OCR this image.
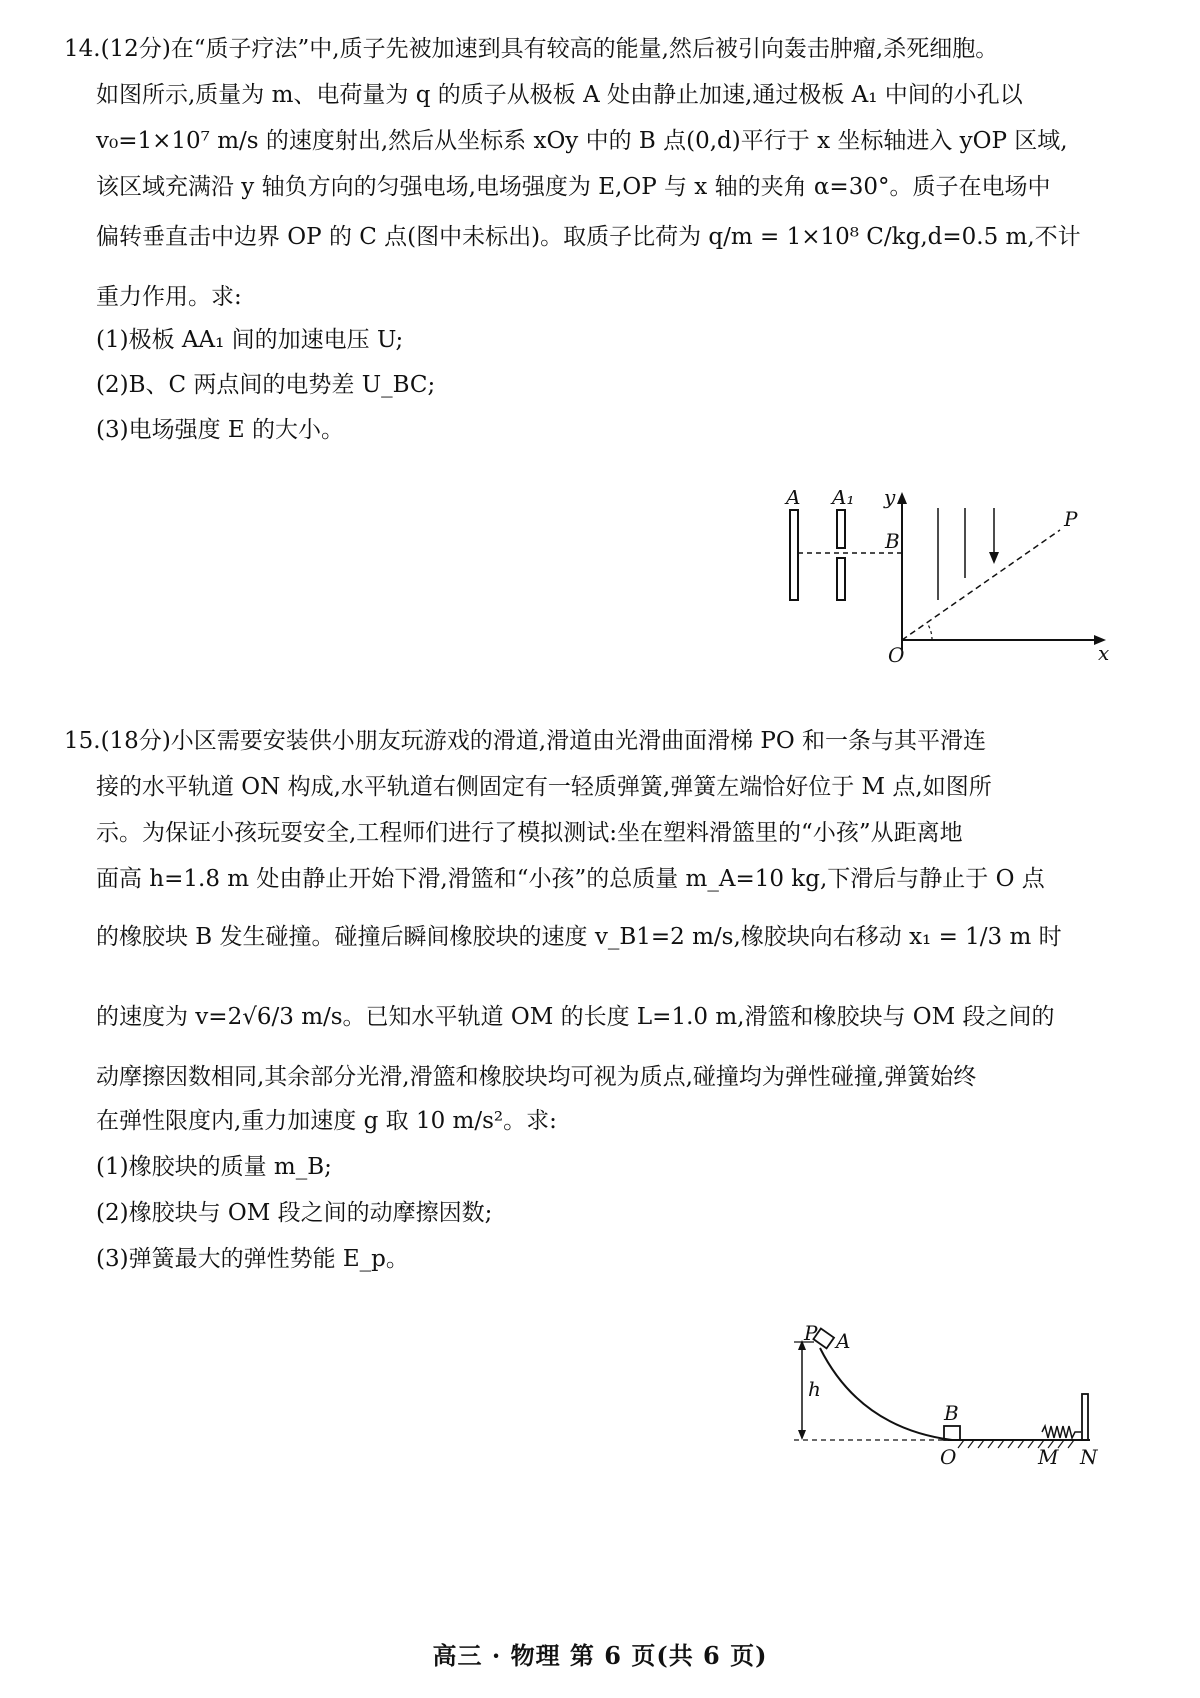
14.(12分)在“质子疗法”中,质子先被加速到具有较高的能量,然后被引向轰击肿瘤,杀死细胞。
如图所示,质量为 m、电荷量为 q 的质子从极板 A 处由静止加速,通过极板 A₁ 中间的小孔以
v₀=1×10⁷ m/s 的速度射出,然后从坐标系 xOy 中的 B 点(0,d)平行于 x 坐标轴进入 yOP 区域,
该区域充满沿 y 轴负方向的匀强电场,电场强度为 E,OP 与 x 轴的夹角 α=30°。质子在电场中
偏转垂直击中边界 OP 的 C 点(图中未标出)。取质子比荷为 q/m = 1×10⁸ C/kg,d=0.5 m,不计
重力作用。求:
(1)极板 AA₁ 间的加速电压 U;
(2)B、C 两点间的电势差 U_BC;
(3)电场强度 E 的大小。
A A₁ y
B
P
O	x
15.(18分)小区需要安装供小朋友玩游戏的滑道,滑道由光滑曲面滑梯 PO 和一条与其平滑连
接的水平轨道 ON 构成,水平轨道右侧固定有一轻质弹簧,弹簧左端恰好位于 M 点,如图所
示。为保证小孩玩耍安全,工程师们进行了模拟测试:坐在塑料滑篮里的“小孩”从距离地
面高 h=1.8 m 处由静止开始下滑,滑篮和“小孩”的总质量 m_A=10 kg,下滑后与静止于 O 点
的橡胶块 B 发生碰撞。碰撞后瞬间橡胶块的速度 v_B1=2 m/s,橡胶块向右移动 x₁ = 1/3 m 时
的速度为 v=2√6/3 m/s。已知水平轨道 OM 的长度 L=1.0 m,滑篮和橡胶块与 OM 段之间的
动摩擦因数相同,其余部分光滑,滑篮和橡胶块均可视为质点,碰撞均为弹性碰撞,弹簧始终
在弹性限度内,重力加速度 g 取 10 m/s²。求:
(1)橡胶块的质量 m_B;
(2)橡胶块与 OM 段之间的动摩擦因数;
(3)弹簧最大的弹性势能 E_p。
P A
h
B
O	M N
高三 · 物理 第 6 页(共 6 页)
